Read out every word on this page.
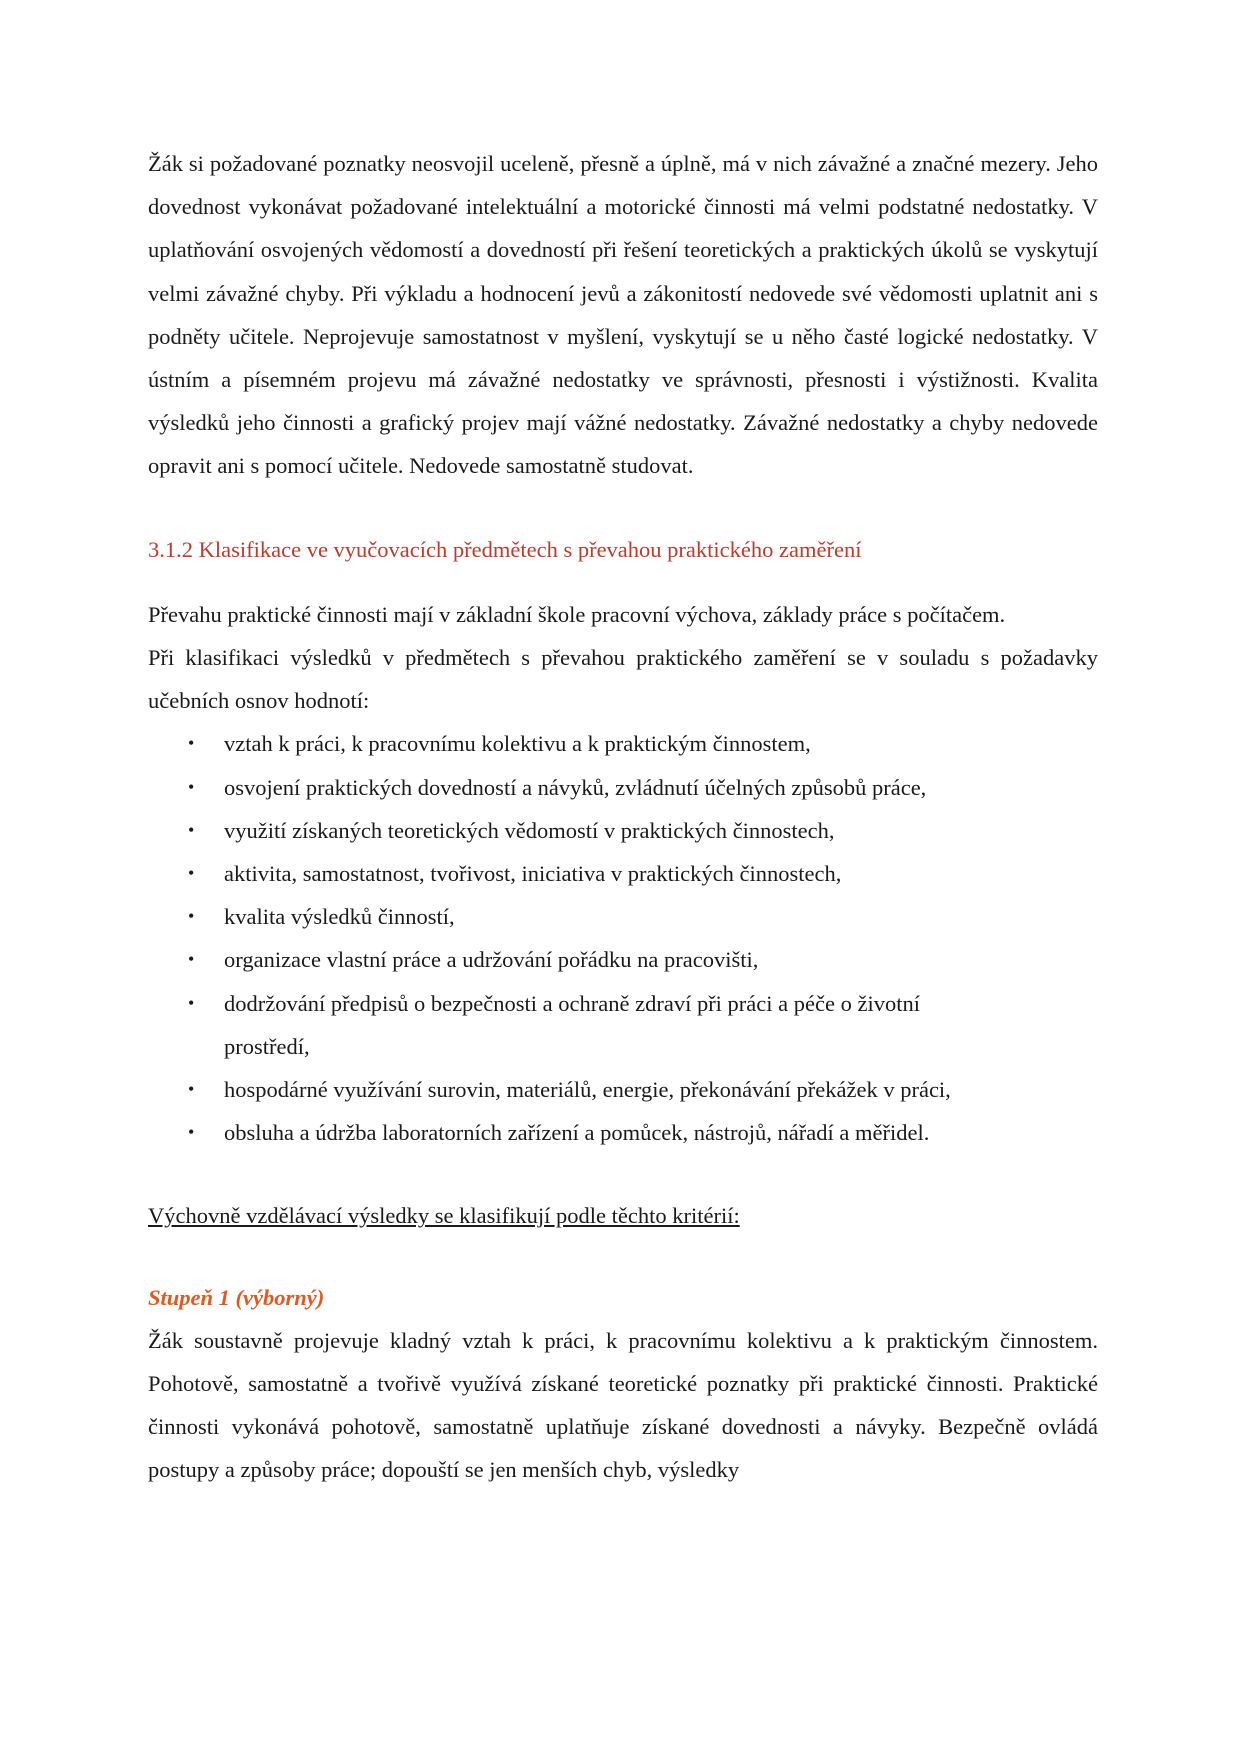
Žák si požadované poznatky neosvojil uceleně, přesně a úplně, má v nich závažné a značné mezery. Jeho dovednost vykonávat požadované intelektuální a motorické činnosti má velmi podstatné nedostatky. V uplatňování osvojených vědomostí a dovedností při řešení teoretických a praktických úkolů se vyskytují velmi závažné chyby. Při výkladu a hodnocení jevů a zákonitostí nedovede své vědomosti uplatnit ani s podněty učitele. Neprojevuje samostatnost v myšlení, vyskytují se u něho časté logické nedostatky. V ústním a písemném projevu má závažné nedostatky ve správnosti, přesnosti i výstižnosti. Kvalita výsledků jeho činnosti a grafický projev mají vážné nedostatky. Závažné nedostatky a chyby nedovede opravit ani s pomocí učitele. Nedovede samostatně studovat.

3.1.2 Klasifikace ve vyučovacích předmětech s převahou praktického zaměření

Převahu praktické činnosti mají v základní škole pracovní výchova, základy práce s počítačem.

Při klasifikaci výsledků v předmětech s převahou praktického zaměření se v souladu s požadavky učebních osnov hodnotí:

• vztah k práci, k pracovnímu kolektivu a k praktickým činnostem,
• osvojení praktických dovedností a návyků, zvládnutí účelných způsobů práce,
• využití získaných teoretických vědomostí v praktických činnostech,
• aktivita, samostatnost, tvořivost, iniciativa v praktických činnostech,
• kvalita výsledků činností,
• organizace vlastní práce a udržování pořádku na pracovišti,
• dodržování předpisů o bezpečnosti a ochraně zdraví při práci a péče o životní prostředí,
• hospodárné využívání surovin, materiálů, energie, překonávání překážek v práci,
• obsluha a údržba laboratorních zařízení a pomůcek, nástrojů, nářadí a měřidel.

Výchovně vzdělávací výsledky se klasifikují podle těchto kritérií:

Stupeň 1 (výborný)

Žák soustavně projevuje kladný vztah k práci, k pracovnímu kolektivu a k praktickým činnostem. Pohotově, samostatně a tvořivě využívá získané teoretické poznatky při praktické činnosti. Praktické činnosti vykonává pohotově, samostatně uplatňuje získané dovednosti a návyky. Bezpečně ovládá postupy a způsoby práce; dopouští se jen menších chyb, výsledky
